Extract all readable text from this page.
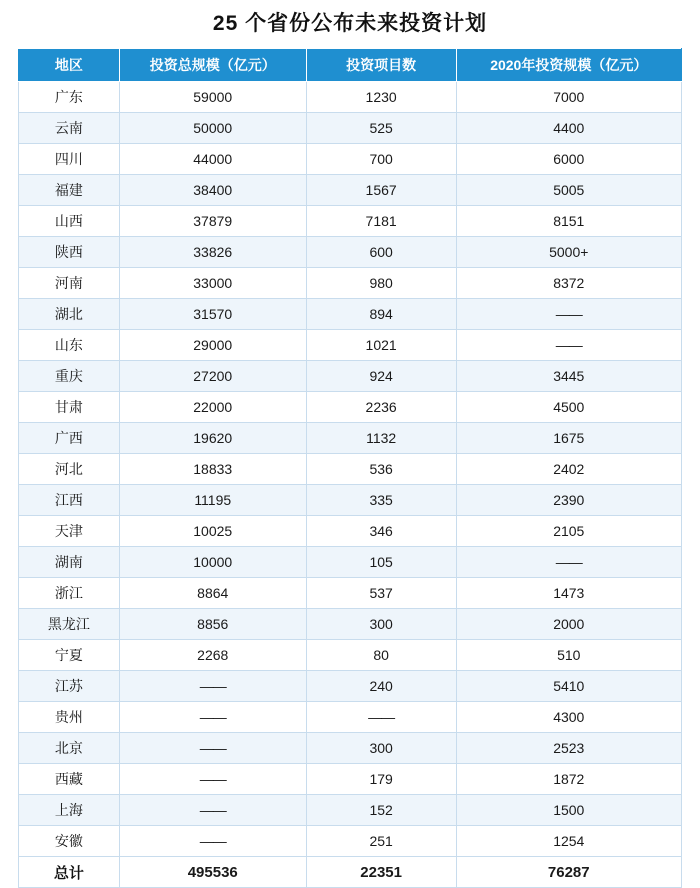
25 个省份公布未来投资计划
地区	投资总规模（亿元）	投资项目数	2020年投资规模（亿元）
广东	59000	1230	7000
云南	50000	525	4400
四川	44000	700	6000
福建	38400	1567	5005
山西	37879	7181	8151
陕西	33826	600	5000+
河南	33000	980	8372
湖北	31570	894	——
山东	29000	1021	——
重庆	27200	924	3445
甘肃	22000	2236	4500
广西	19620	1132	1675
河北	18833	536	2402
江西	11195	335	2390
天津	10025	346	2105
湖南	10000	105	——
浙江	8864	537	1473
黑龙江	8856	300	2000
宁夏	2268	80	510
江苏	——	240	5410
贵州	——	——	4300
北京	——	300	2523
西藏	——	179	1872
上海	——	152	1500
安徽	——	251	1254
总计	495536	22351	76287
